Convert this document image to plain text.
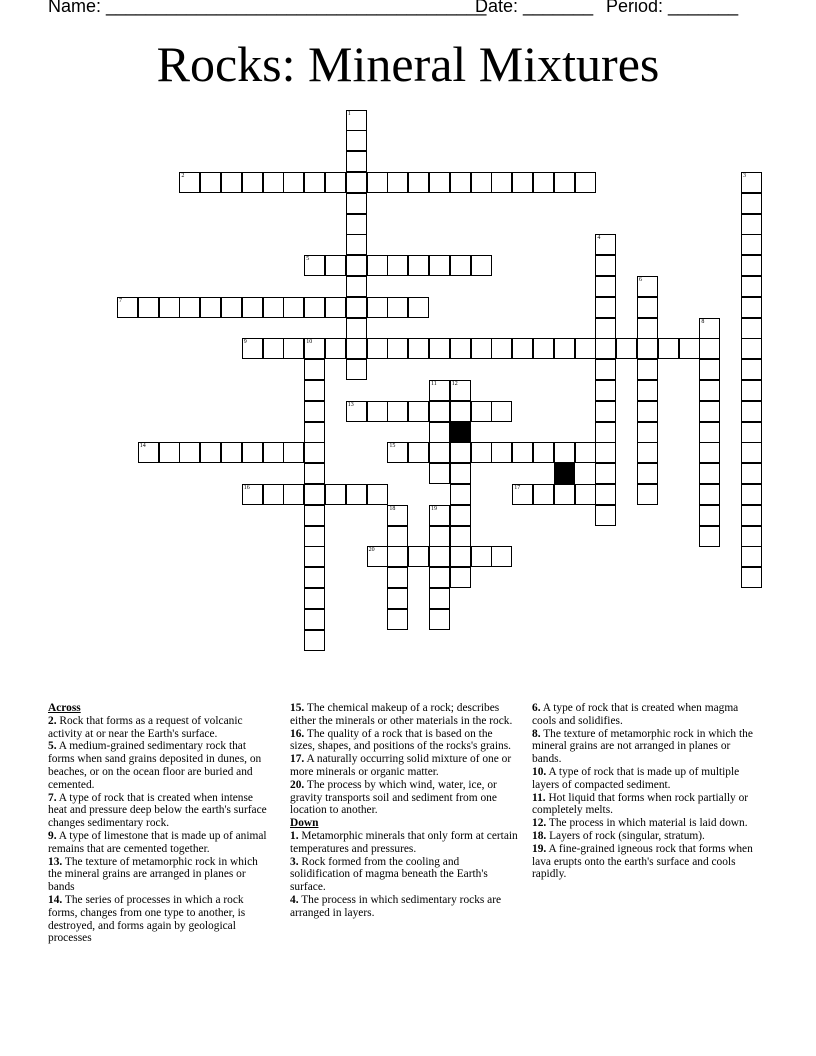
Name: ______________________________________
Date: _______ Period: _______
Rocks: Mineral Mixtures
1
2	3
4
5
6
7
8
9	10
11	12
13
14	15
16	17
18	19
20
Across
2. Rock that forms as a request of volcanic activity at or near the Earth's surface.
5. A medium-grained sedimentary rock that forms when sand grains deposited in dunes, on beaches, or on the ocean floor are buried and cemented.
7. A type of rock that is created when intense heat and pressure deep below the earth's surface changes sedimentary rock.
9. A type of limestone that is made up of animal remains that are cemented together.
13. The texture of metamorphic rock in which the mineral grains are arranged in planes or bands
14. The series of processes in which a rock forms, changes from one type to another, is destroyed, and forms again by geological processes
15. The chemical makeup of a rock; describes either the minerals or other materials in the rock.
16. The quality of a rock that is based on the sizes, shapes, and positions of the rocks's grains.
17. A naturally occurring solid mixture of one or more minerals or organic matter.
20. The process by which wind, water, ice, or gravity transports soil and sediment from one location to another.
Down
1. Metamorphic minerals that only form at certain temperatures and pressures.
3. Rock formed from the cooling and solidification of magma beneath the Earth's surface.
4. The process in which sedimentary rocks are arranged in layers.
6. A type of rock that is created when magma cools and solidifies.
8. The texture of metamorphic rock in which the mineral grains are not arranged in planes or bands.
10. A type of rock that is made up of multiple layers of compacted sediment.
11. Hot liquid that forms when rock partially or completely melts.
12. The process in which material is laid down.
18. Layers of rock (singular, stratum).
19. A fine-grained igneous rock that forms when lava erupts onto the earth's surface and cools rapidly.
